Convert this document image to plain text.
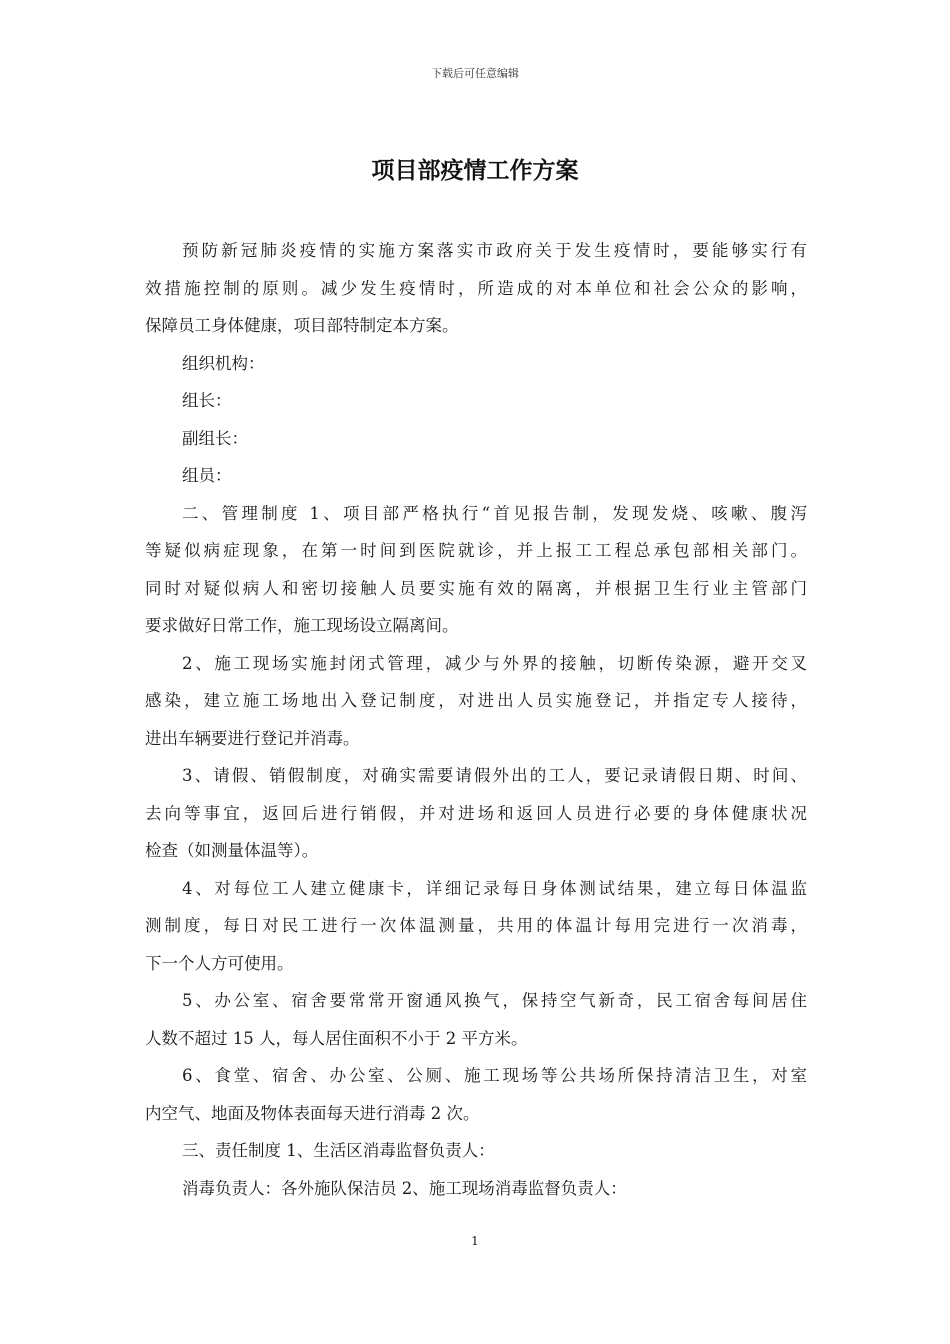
下载后可任意编辑
项目部疫情工作方案
预防新冠肺炎疫情的实施方案落实市政府关于发生疫情时，要能够实行有
效措施控制的原则。减少发生疫情时，所造成的对本单位和社会公众的影响，
保障员工身体健康，项目部特制定本方案。
组织机构：
组长：
副组长：
组员：
二、管理制度 1、项目部严格执行“首见报告制，发现发烧、咳嗽、腹泻
等疑似病症现象，在第一时间到医院就诊，并上报工工程总承包部相关部门。
同时对疑似病人和密切接触人员要实施有效的隔离，并根据卫生行业主管部门
要求做好日常工作，施工现场设立隔离间。
2、施工现场实施封闭式管理，减少与外界的接触，切断传染源，避开交叉
感染，建立施工场地出入登记制度，对进出人员实施登记，并指定专人接待，
进出车辆要进行登记并消毒。
3、请假、销假制度，对确实需要请假外出的工人，要记录请假日期、时间、
去向等事宜，返回后进行销假，并对进场和返回人员进行必要的身体健康状况
检查（如测量体温等）。
4、对每位工人建立健康卡，详细记录每日身体测试结果，建立每日体温监
测制度，每日对民工进行一次体温测量，共用的体温计每用完进行一次消毒，
下一个人方可使用。
5、办公室、宿舍要常常开窗通风换气，保持空气新奇，民工宿舍每间居住
人数不超过 15 人，每人居住面积不小于 2 平方米。
6、食堂、宿舍、办公室、公厕、施工现场等公共场所保持清洁卫生，对室
内空气、地面及物体表面每天进行消毒 2 次。
三、责任制度 1、生活区消毒监督负责人：
消毒负责人：各外施队保洁员 2、施工现场消毒监督负责人：
1
